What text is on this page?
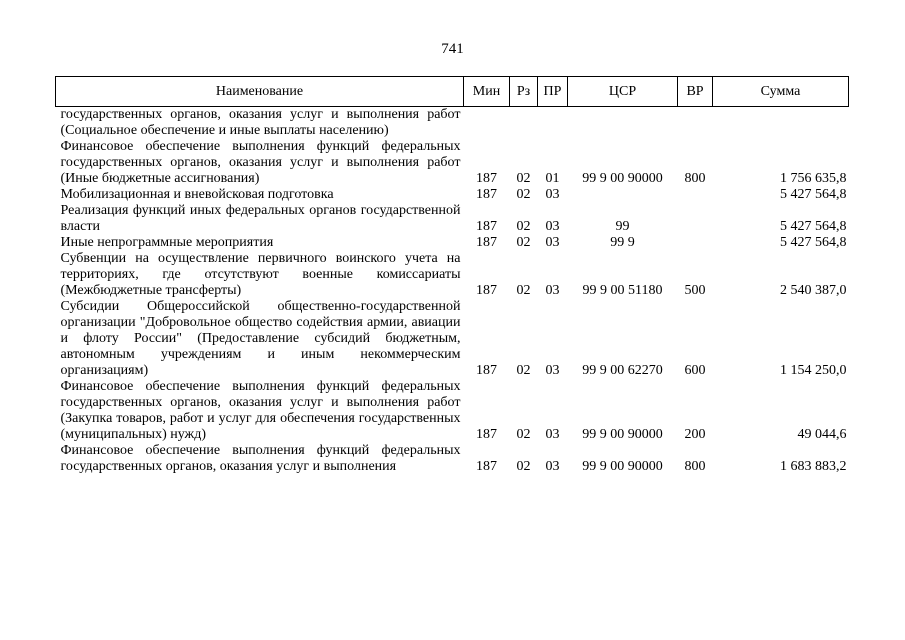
741
Наименование	Мин	Рз	ПР	ЦСР	ВР	Сумма
государственных органов, оказания услуг и выполнения работ (Социальное обеспечение и иные выплаты населению)						
Финансовое обеспечение выполнения функций федеральных государственных органов, оказания услуг и выполнения работ (Иные бюджетные ассигнования)	187	02	01	99 9 00 90000	800	1 756 635,8
Мобилизационная и вневойсковая подготовка	187	02	03			5 427 564,8
Реализация функций иных федеральных органов государственной власти	187	02	03	99		5 427 564,8
Иные непрограммные мероприятия	187	02	03	99 9		5 427 564,8
Субвенции на осуществление первичного воинского учета на территориях, где отсутствуют военные комиссариаты (Межбюджетные трансферты)	187	02	03	99 9 00 51180	500	2 540 387,0
Субсидии Общероссийской общественно-государственной организации "Добровольное общество содействия армии, авиации и флоту России" (Предоставление субсидий бюджетным, автономным учреждениям и иным некоммерческим организациям)	187	02	03	99 9 00 62270	600	1 154 250,0
Финансовое обеспечение выполнения функций федеральных государственных органов, оказания услуг и выполнения работ (Закупка товаров, работ и услуг для обеспечения государственных (муниципальных) нужд)	187	02	03	99 9 00 90000	200	49 044,6
Финансовое обеспечение выполнения функций федеральных государственных органов, оказания услуг и выполнения	187	02	03	99 9 00 90000	800	1 683 883,2
